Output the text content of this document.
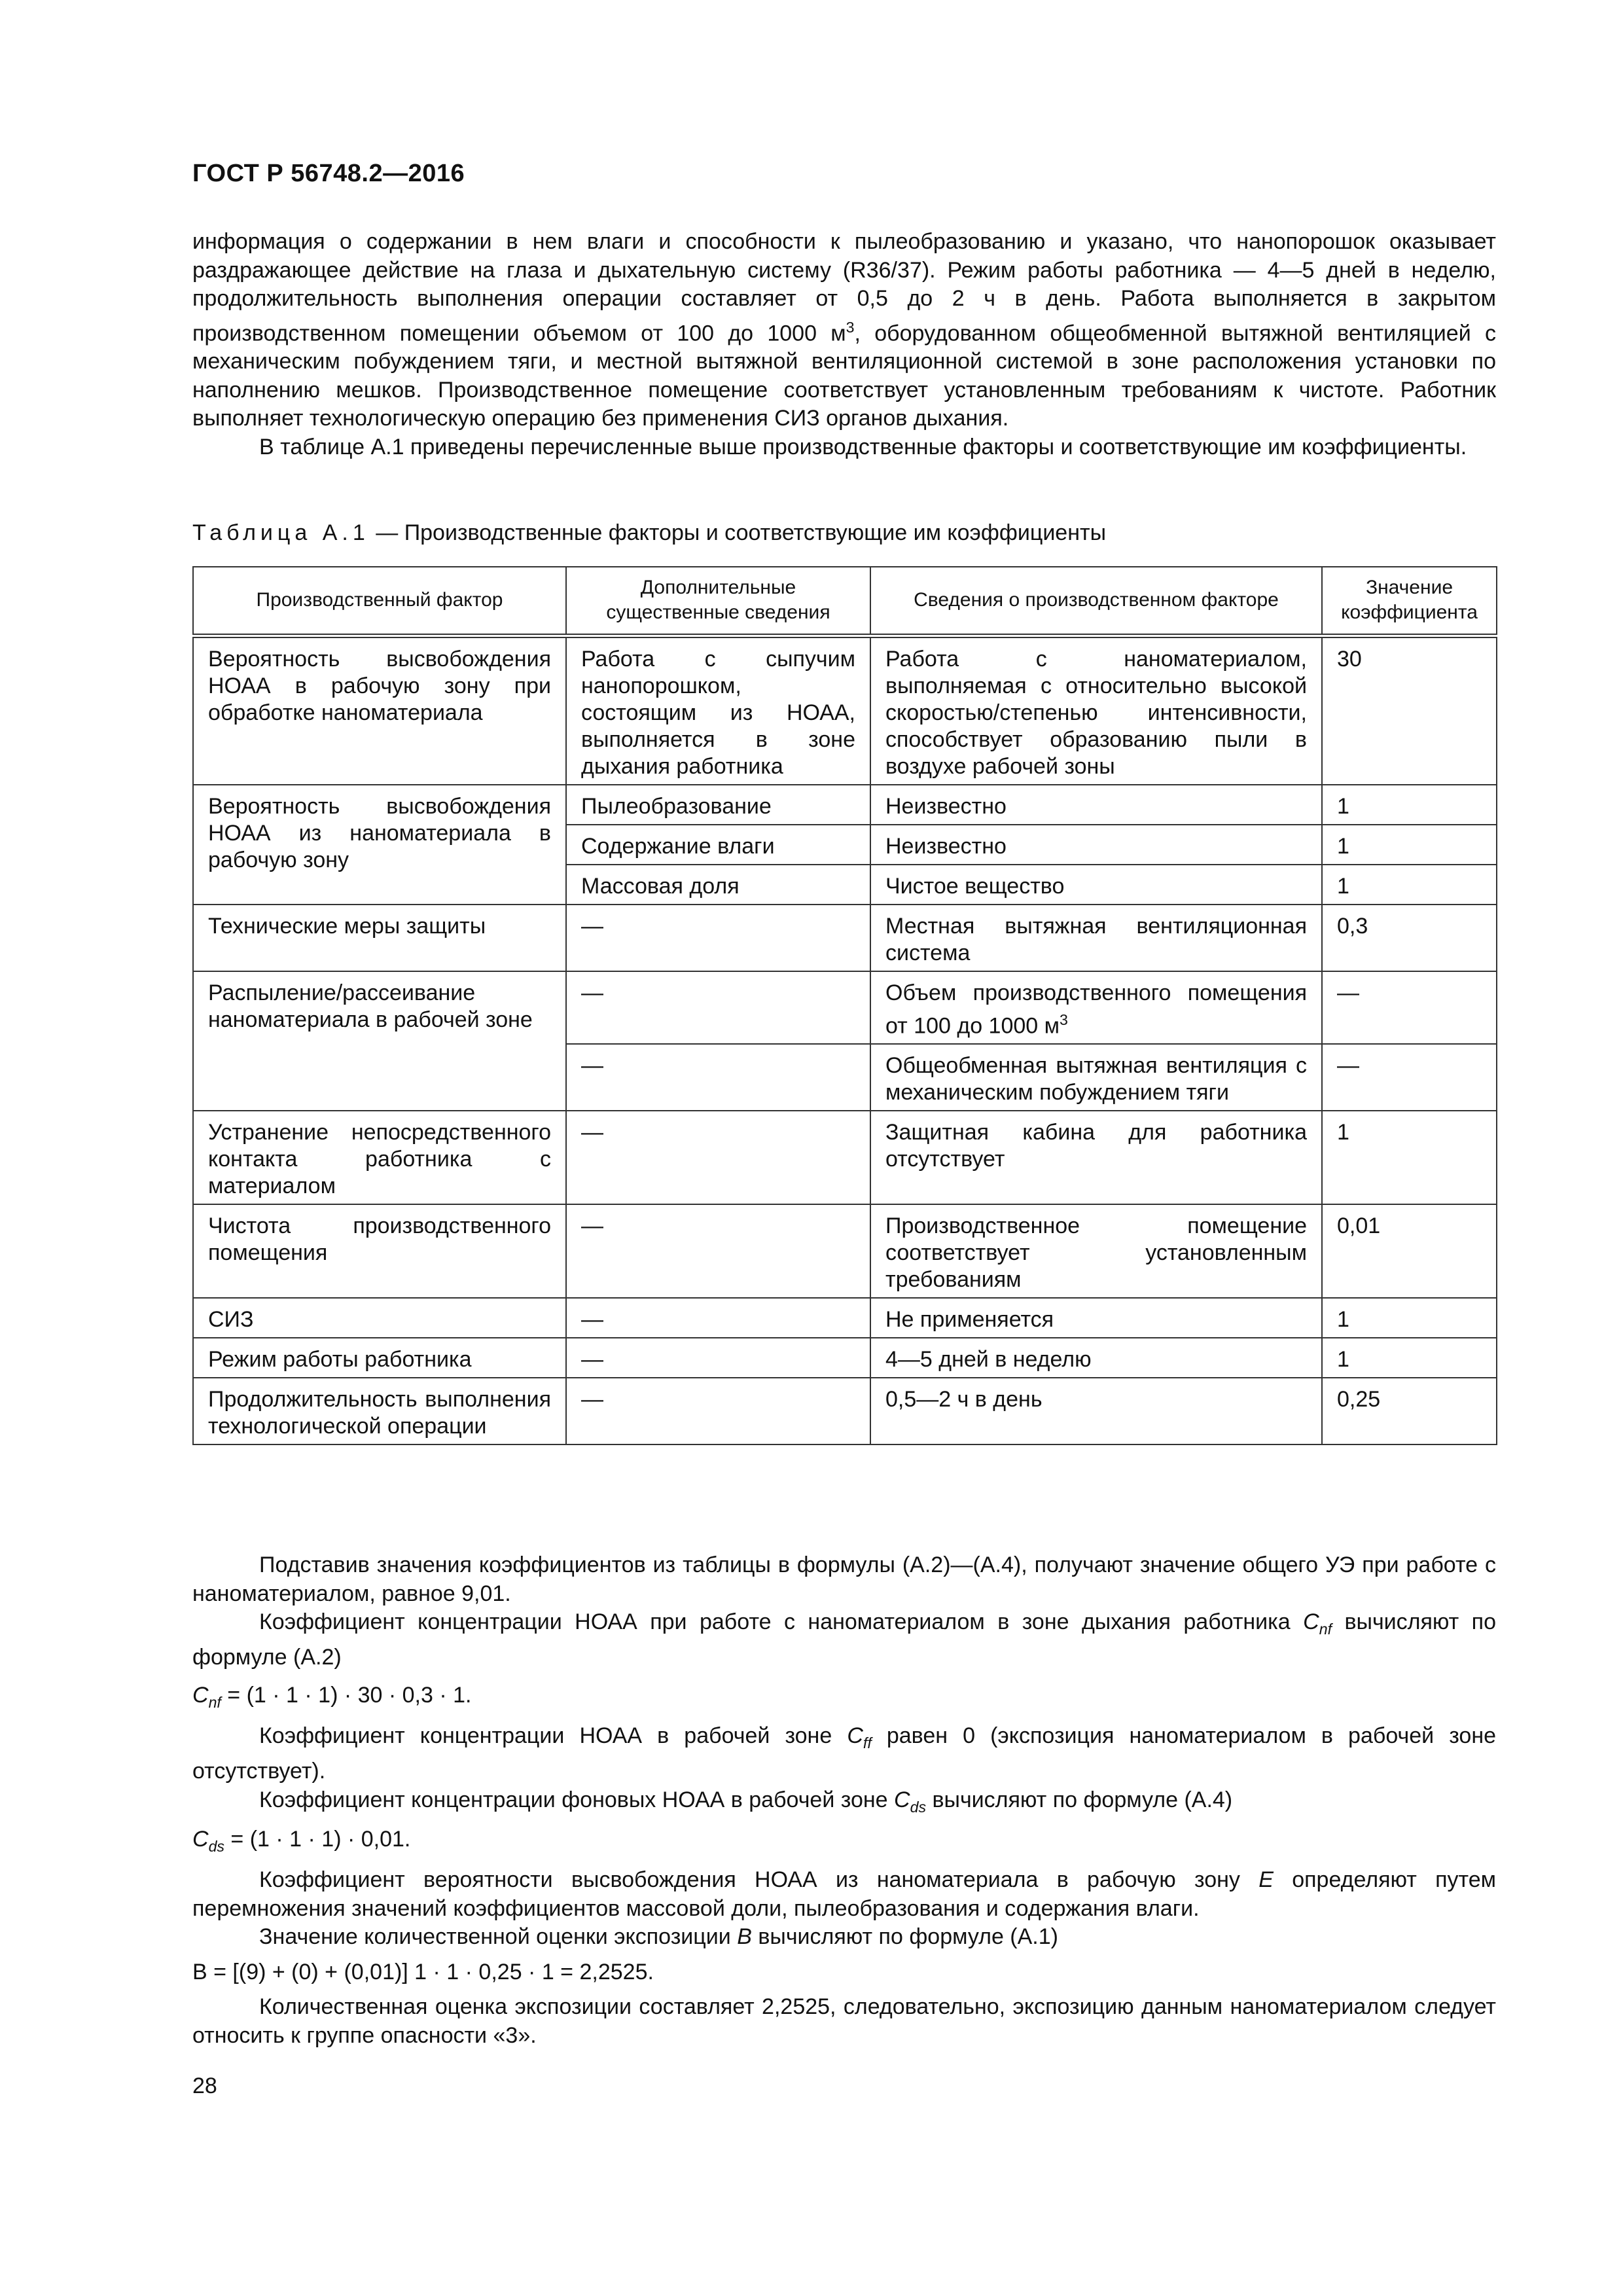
ГОСТ Р 56748.2—2016

информация о содержании в нем влаги и способности к пылеобразованию и указано, что нанопорошок оказывает раздражающее действие на глаза и дыхательную систему (R36/37). Режим работы работника — 4—5 дней в неделю, продолжительность выполнения операции составляет от 0,5 до 2 ч в день. Работа выполняется в закрытом производственном помещении объемом от 100 до 1000 $м^3$, оборудованном общеобменной вытяжной вентиляцией с механическим побуждением тяги, и местной вытяжной вентиляционной системой в зоне расположения установки по наполнению мешков. Производственное помещение соответствует установленным требованиям к чистоте. Работник выполняет технологическую операцию без применения СИЗ органов дыхания.

В таблице А.1 приведены перечисленные выше производственные факторы и соответствующие им коэффициенты.

Таблица А.1 — Производственные факторы и соответствующие им коэффициенты
Производственный фактор	Дополнительные существенные сведения	Сведения о производственном факторе	Значение коэффициента
Вероятность высвобождения НОАА в рабочую зону при обработке наноматериала	Работа с сыпучим нанопорошком, состоящим из НОАА, выполняется в зоне дыхания работника	Работа с наноматериалом, выполняемая с относительно высокой скоростью/степенью интенсивности, способствует образованию пыли в воздухе рабочей зоны	30
Вероятность высвобождения НОАА из наноматериала в рабочую зону	Пылеобразование	Неизвестно	1
	Содержание влаги	Неизвестно	1
	Массовая доля	Чистое вещество	1
Технические меры защиты	—	Местная вытяжная вентиляционная система	0,3
Распыление/рассеивание наноматериала в рабочей зоне	—	Объем производственного помещения от 100 до 1000 $м^3$	—
	—	Общеобменная вытяжная вентиляция с механическим побуждением тяги	—
Устранение непосредственного контакта работника с материалом	—	Защитная кабина для работника отсутствует	1
Чистота производственного помещения	—	Производственное помещение соответствует установленным требованиям	0,01
СИЗ	—	Не применяется	1
Режим работы работника	—	4—5 дней в неделю	1
Продолжительность выполнения технологической операции	—	0,5—2 ч в день	0,25

Подставив значения коэффициентов из таблицы в формулы (А.2)—(А.4), получают значение общего УЭ при работе с наноматериалом, равное 9,01.

Коэффициент концентрации НОАА при работе с наноматериалом в зоне дыхания работника $C_{nf}$ вычисляют по формуле (А.2)

$C_{nf} = (1 \cdot 1 \cdot 1) \cdot 30 \cdot 0,3 \cdot 1$.

Коэффициент концентрации НОАА в рабочей зоне $C_{ff}$ равен 0 (экспозиция наноматериалом в рабочей зоне отсутствует).

Коэффициент концентрации фоновых НОАА в рабочей зоне $C_{ds}$ вычисляют по формуле (А.4)

$C_{ds} = (1 \cdot 1 \cdot 1) \cdot 0,01$.

Коэффициент вероятности высвобождения НОАА из наноматериала в рабочую зону E определяют путем перемножения значений коэффициентов массовой доли, пылеобразования и содержания влаги.

Значение количественной оценки экспозиции B вычисляют по формуле (А.1)

В = [(9) + (0) + (0,01)] 1 · 1 · 0,25 · 1 = 2,2525.

Количественная оценка экспозиции составляет 2,2525, следовательно, экспозицию данным наноматериалом следует относить к группе опасности «3».

28
